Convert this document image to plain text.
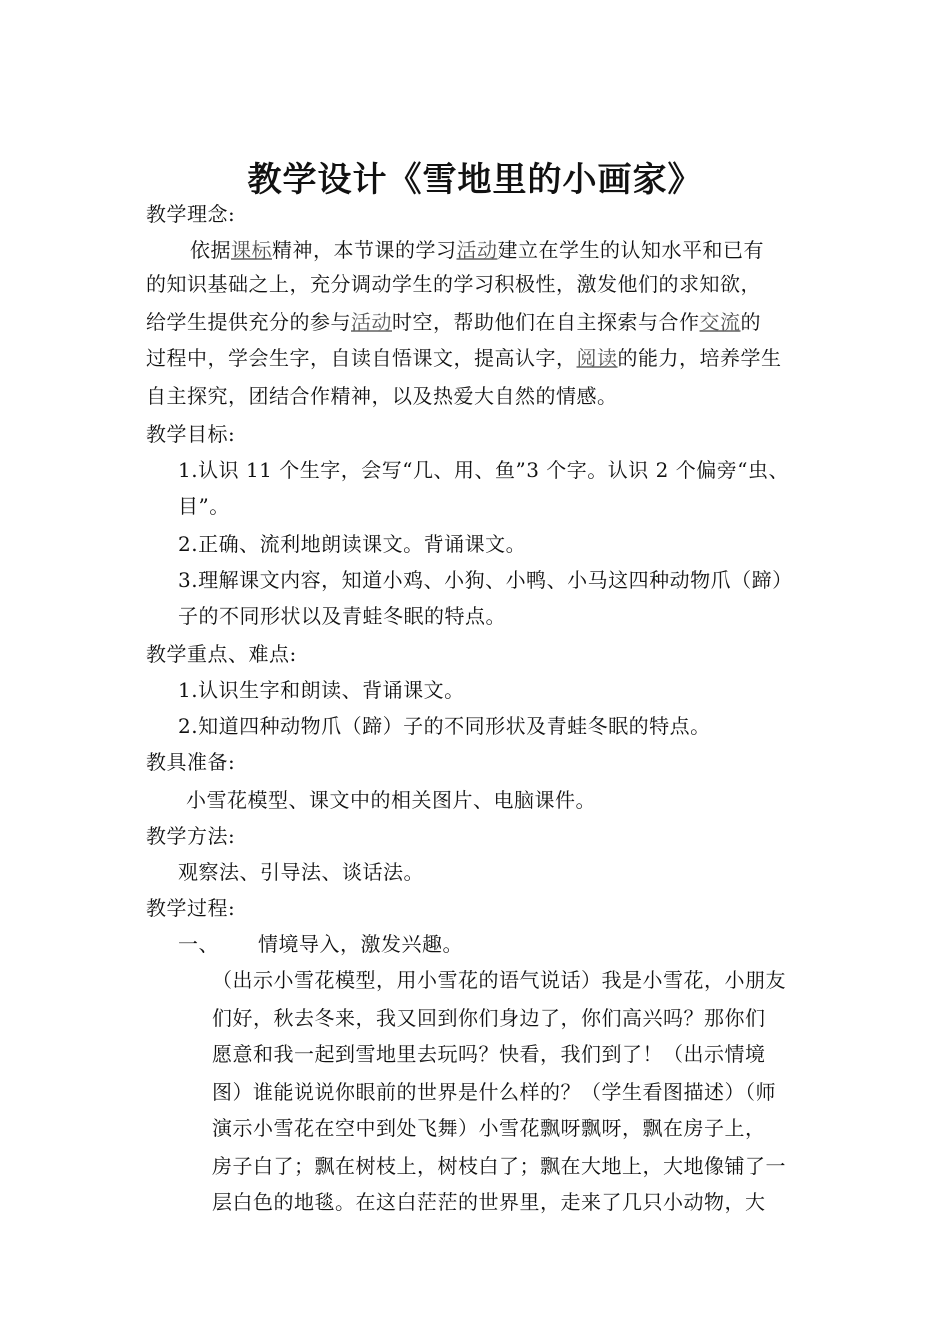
教学设计《雪地里的小画家》
教学理念:
依据课标精神，本节课的学习活动建立在学生的认知水平和已有
的知识基础之上，充分调动学生的学习积极性，激发他们的求知欲，
给学生提供充分的参与活动时空，帮助他们在自主探索与合作交流的
过程中，学会生字，自读自悟课文，提高认字，阅读的能力，培养学生
自主探究，团结合作精神，以及热爱大自然的情感。
教学目标:
1.认识 11 个生字，会写“几、用、鱼”3 个字。认识 2 个偏旁“虫、
目”。
2.正确、流利地朗读课文。背诵课文。
3.理解课文内容，知道小鸡、小狗、小鸭、小马这四种动物爪（蹄）
子的不同形状以及青蛙冬眠的特点。
教学重点、难点:
1.认识生字和朗读、背诵课文。
2.知道四种动物爪（蹄）子的不同形状及青蛙冬眠的特点。
教具准备:
小雪花模型、课文中的相关图片、电脑课件。
教学方法:
观察法、引导法、谈话法。
教学过程:
一、 情境导入，激发兴趣。
（出示小雪花模型，用小雪花的语气说话）我是小雪花，小朋友
们好，秋去冬来，我又回到你们身边了，你们高兴吗？那你们
愿意和我一起到雪地里去玩吗？快看，我们到了！（出示情境
图）谁能说说你眼前的世界是什么样的？（学生看图描述）（师
演示小雪花在空中到处飞舞）小雪花飘呀飘呀，飘在房子上，
房子白了；飘在树枝上，树枝白了；飘在大地上，大地像铺了一
层白色的地毯。在这白茫茫的世界里，走来了几只小动物，大
